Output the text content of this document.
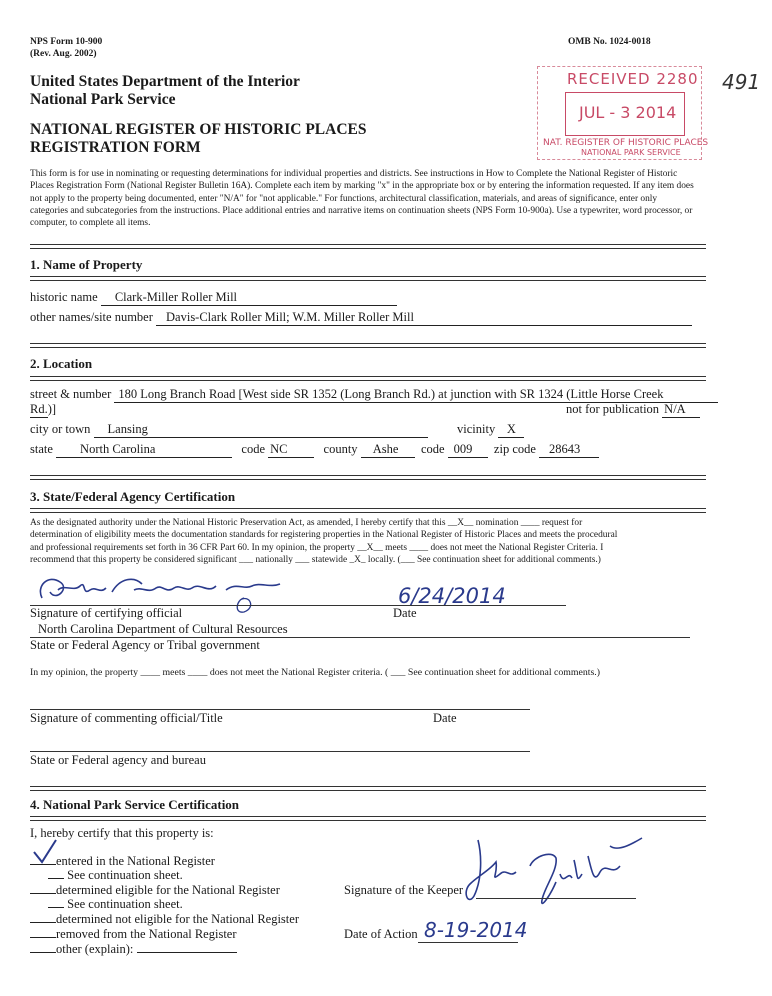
NPS Form 10-900
(Rev. Aug. 2002)
OMB No. 1024-0018
United States Department of the Interior
National Park Service
NATIONAL REGISTER OF HISTORIC PLACES
REGISTRATION FORM
491
RECEIVED 2280
JUL - 3 2014
NAT. REGISTER OF HISTORIC PLACES
NATIONAL PARK SERVICE
This form is for use in nominating or requesting determinations for individual properties and districts. See instructions in How to Complete the National Register of Historic
Places Registration Form (National Register Bulletin 16A). Complete each item by marking "x" in the appropriate box or by entering the information requested. If any item does
not apply to the property being documented, enter "N/A" for "not applicable." For functions, architectural classification, materials, and areas of significance, enter only
categories and subcategories from the instructions. Place additional entries and narrative items on continuation sheets (NPS Form 10-900a). Use a typewriter, word processor, or
computer, to complete all items.
1. Name of Property
historic name Clark-Miller Roller Mill
other names/site number Davis-Clark Roller Mill; W.M. Miller Roller Mill
2. Location
street & number 180 Long Branch Road [West side SR 1352 (Long Branch Rd.) at junction with SR 1324 (Little Horse Creek
Rd.)]	not for publication N/A
city or town Lansing	vicinity X
state North Carolina	code NC	county Ashe code 009 zip code 28643
3. State/Federal Agency Certification
As the designated authority under the National Historic Preservation Act, as amended, I hereby certify that this __X__ nomination ____ request for
determination of eligibility meets the documentation standards for registering properties in the National Register of Historic Places and meets the procedural
and professional requirements set forth in 36 CFR Part 60. In my opinion, the property __X__ meets ____ does not meet the National Register Criteria. I
recommend that this property be considered significant ___ nationally ___ statewide _X_ locally. (___ See continuation sheet for additional comments.)
6/24/2014
Signature of certifying official	Date
North Carolina Department of Cultural Resources
State or Federal Agency or Tribal government
In my opinion, the property ____ meets ____ does not meet the National Register criteria. ( ___ See continuation sheet for additional comments.)
Signature of commenting official/Title	Date
State or Federal agency and bureau
4. National Park Service Certification
I, hereby certify that this property is:
entered in the National Register
See continuation sheet.
determined eligible for the National Register
See continuation sheet.
determined not eligible for the National Register
removed from the National Register
other (explain):
Signature of the Keeper
Date of Action 8-19-2014
